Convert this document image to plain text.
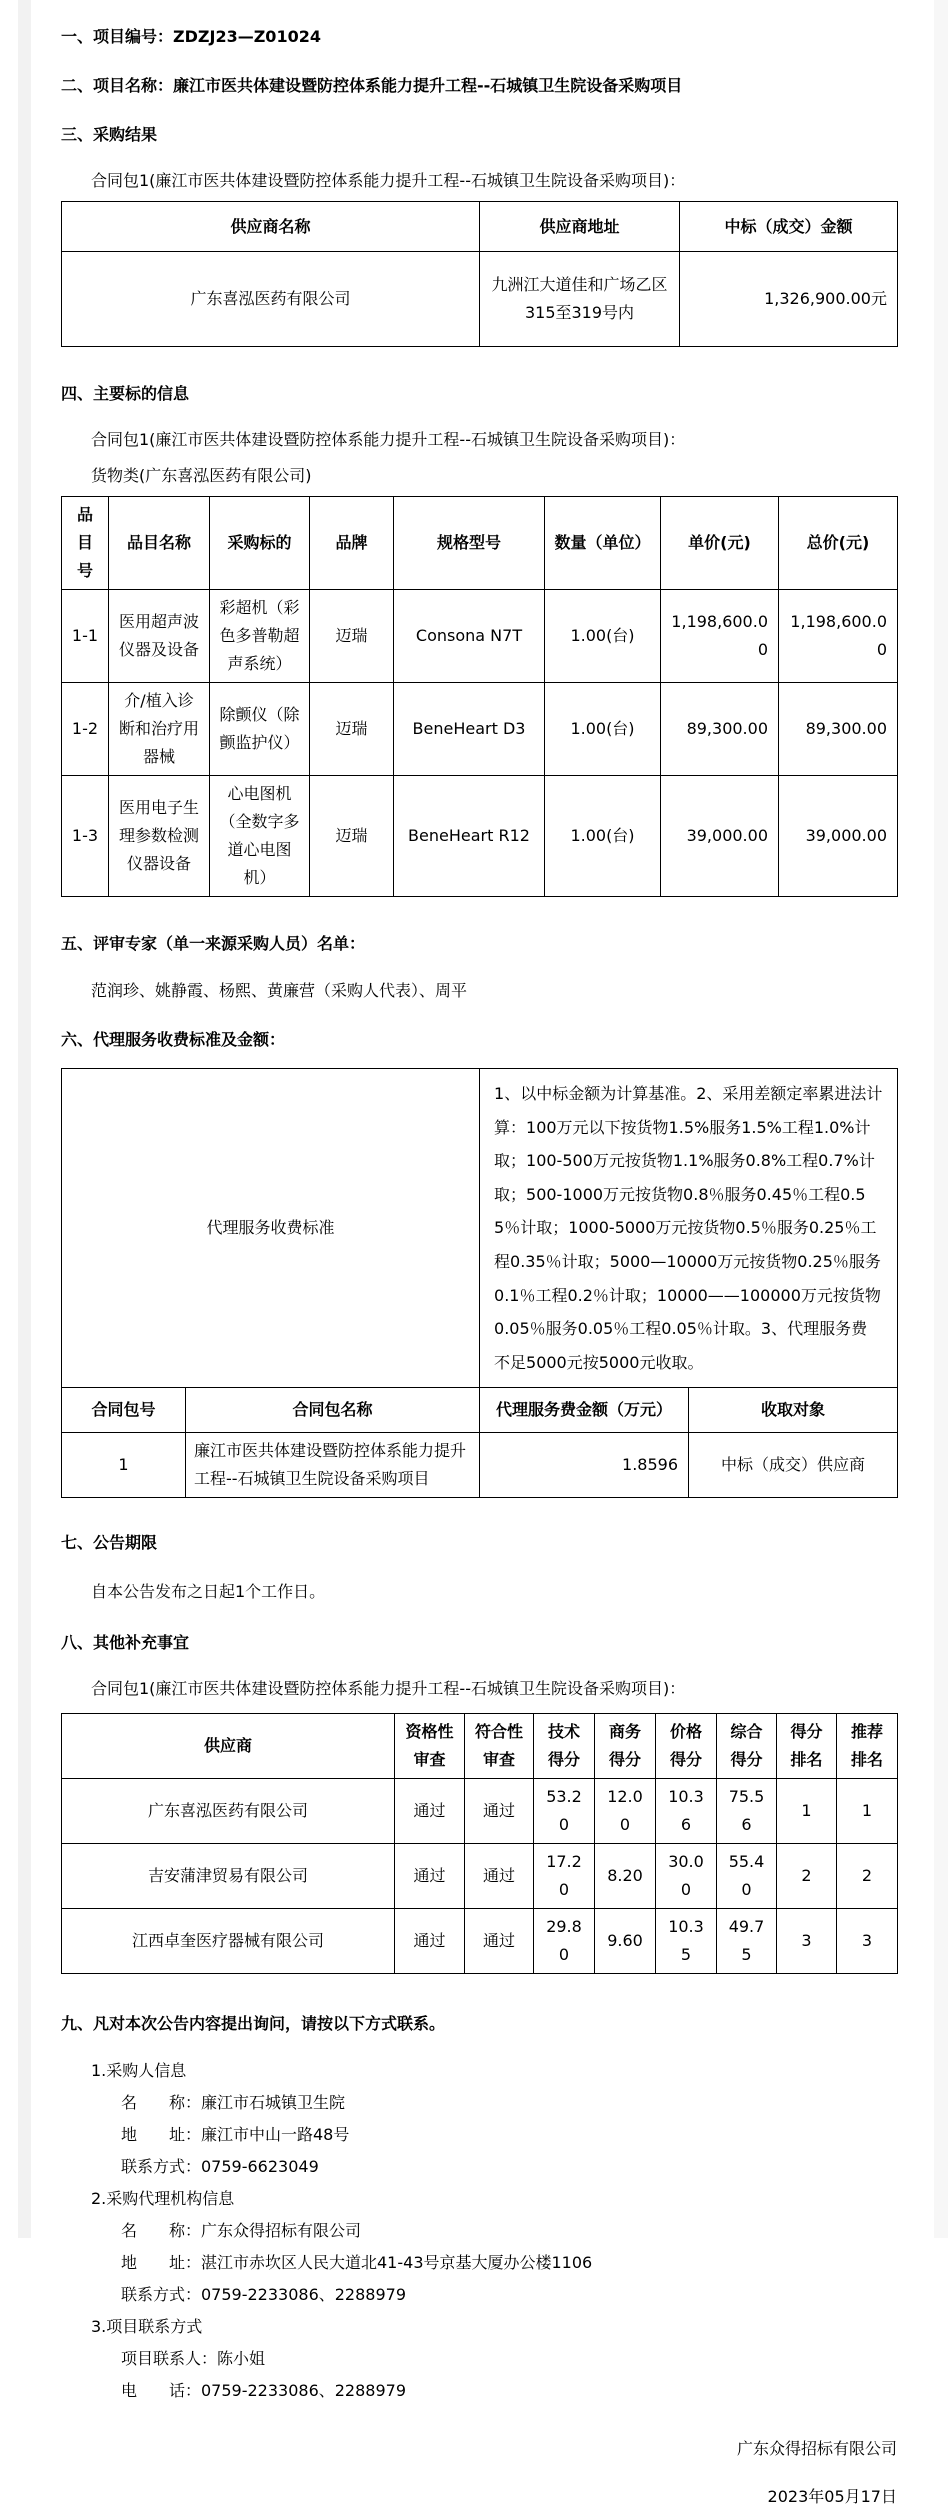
一、项目编号：ZDZJ23—Z01024

二、项目名称：廉江市医共体建设暨防控体系能力提升工程--石城镇卫生院设备采购项目

三、采购结果

合同包1(廉江市医共体建设暨防控体系能力提升工程--石城镇卫生院设备采购项目)：

供应商名称	供应商地址	中标（成交）金额
广东喜泓医药有限公司	九洲江大道佳和广场乙区315至319号内	1,326,900.00元

四、主要标的信息

合同包1(廉江市医共体建设暨防控体系能力提升工程--石城镇卫生院设备采购项目)：

货物类(广东喜泓医药有限公司)

品目号	品目名称	采购标的	品牌	规格型号	数量（单位）	单价(元)	总价(元)
1-1	医用超声波仪器及设备	彩超机（彩色多普勒超声系统）	迈瑞	Consona N7T	1.00(台)	1,198,600.00	1,198,600.00
1-2	介/植入诊断和治疗用器械	除颤仪（除颤监护仪）	迈瑞	BeneHeart D3	1.00(台)	89,300.00	89,300.00
1-3	医用电子生理参数检测仪器设备	心电图机（全数字多道心电图机）	迈瑞	BeneHeart R12	1.00(台)	39,000.00	39,000.00

五、评审专家（单一来源采购人员）名单：

范润珍、姚静霞、杨熙、黄廉营（采购人代表）、周平

六、代理服务收费标准及金额：

代理服务收费标准		1、以中标金额为计算基准。2、采用差额定率累进法计算：100万元以下按货物1.5%服务1.5%工程1.0%计取；100-500万元按货物1.1%服务0.8%工程0.7%计取；500-1000万元按货物0.8％服务0.45％工程0.55％计取；1000-5000万元按货物0.5％服务0.25％工程0.35％计取；5000—10000万元按货物0.25％服务0.1％工程0.2％计取；10000——100000万元按货物0.05％服务0.05％工程0.05％计取。3、代理服务费不足5000元按5000元收取。	
合同包号	合同包名称	代理服务费金额（万元）	收取对象
1	廉江市医共体建设暨防控体系能力提升工程--石城镇卫生院设备采购项目	1.8596	中标（成交）供应商

七、公告期限

自本公告发布之日起1个工作日。

八、其他补充事宜

合同包1(廉江市医共体建设暨防控体系能力提升工程--石城镇卫生院设备采购项目)：

供应商	资格性审查	符合性审查	技术得分	商务得分	价格得分	综合得分	得分排名	推荐排名
广东喜泓医药有限公司	通过	通过	53.20	12.00	10.36	75.56	1	1
吉安蒲津贸易有限公司	通过	通过	17.20	8.20	30.00	55.40	2	2
江西卓奎医疗器械有限公司	通过	通过	29.80	9.60	10.35	49.75	3	3

九、凡对本次公告内容提出询问，请按以下方式联系。

1.采购人信息

名　　称：廉江市石城镇卫生院

地　　址：廉江市中山一路48号

联系方式：0759-6623049

2.采购代理机构信息

名　　称：广东众得招标有限公司

地　　址：湛江市赤坎区人民大道北41-43号京基大厦办公楼1106

联系方式：0759-2233086、2288979

3.项目联系方式

项目联系人：陈小姐

电　　话：0759-2233086、2288979

广东众得招标有限公司

2023年05月17日
